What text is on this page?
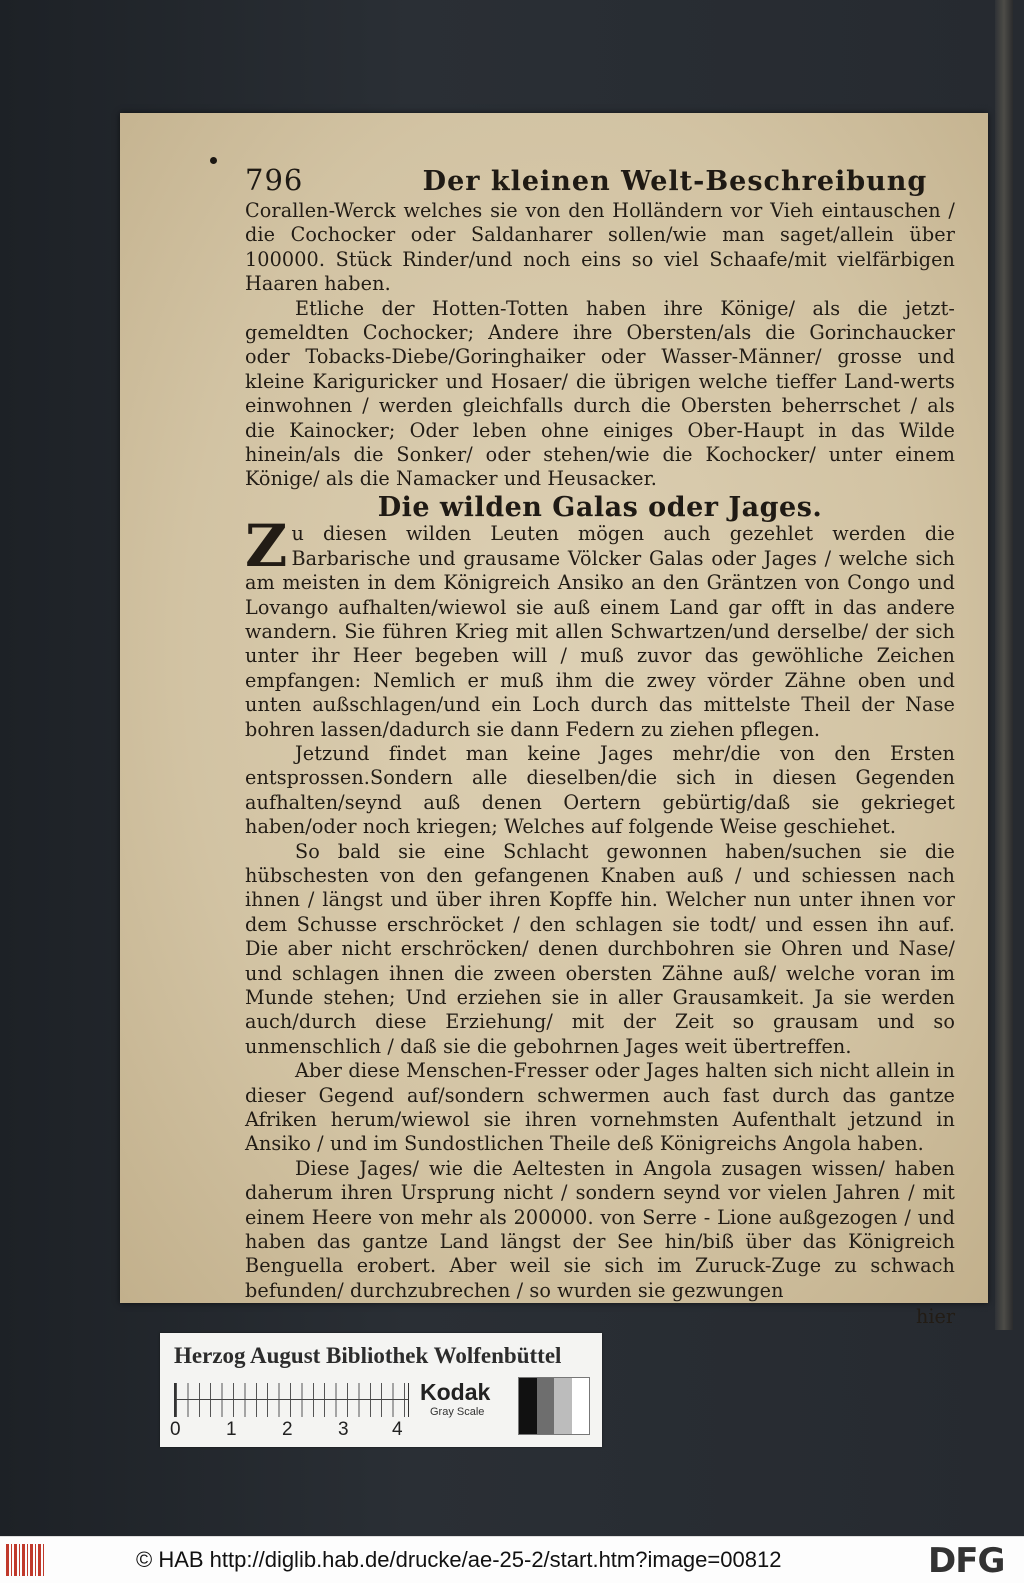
796	Der kleinen Welt-Beschreibung

Corallen-Werck welches sie von den Holländern vor Vieh eintauschen / die Cochocker oder Saldanharer sollen/wie man saget/allein über 100000. Stück Rinder/und noch eins so viel Schaafe/mit vielfärbigen Haaren haben.

Etliche der Hotten-Totten haben ihre Könige/ als die jetzt-gemeldten Cochocker; Andere ihre Obersten/als die Gorinchaucker oder Tobacks-Diebe/Goringhaiker oder Wasser-Männer/ grosse und kleine Kariguricker und Hosaer/ die übrigen welche tieffer Land-werts einwohnen / werden gleichfalls durch die Obersten beherrschet / als die Kainocker; Oder leben ohne einiges Ober-Haupt in das Wilde hinein/als die Sonker/ oder stehen/wie die Kochocker/ unter einem Könige/ als die Namacker und Heusacker.

Die wilden Galas oder Jages.

Zu diesen wilden Leuten mögen auch gezehlet werden die Barbarische und grausame Völcker Galas oder Jages / welche sich am meisten in dem Königreich Ansiko an den Gräntzen von Congo und Lovango aufhalten/wiewol sie auß einem Land gar offt in das andere wandern. Sie führen Krieg mit allen Schwartzen/und derselbe/ der sich unter ihr Heer begeben will / muß zuvor das gewöhliche Zeichen empfangen: Nemlich er muß ihm die zwey vörder Zähne oben und unten außschlagen/und ein Loch durch das mittelste Theil der Nase bohren lassen/dadurch sie dann Federn zu ziehen pflegen.

Jetzund findet man keine Jages mehr/die von den Ersten entsprossen.Sondern alle dieselben/die sich in diesen Gegenden aufhalten/seynd auß denen Oertern gebürtig/daß sie gekrieget haben/oder noch kriegen; Welches auf folgende Weise geschiehet.

So bald sie eine Schlacht gewonnen haben/suchen sie die hübschesten von den gefangenen Knaben auß / und schiessen nach ihnen / längst und über ihren Kopffe hin. Welcher nun unter ihnen vor dem Schusse erschröcket / den schlagen sie todt/ und essen ihn auf. Die aber nicht erschröcken/ denen durchbohren sie Ohren und Nase/ und schlagen ihnen die zween obersten Zähne auß/ welche voran im Munde stehen; Und erziehen sie in aller Grausamkeit. Ja sie werden auch/durch diese Erziehung/ mit der Zeit so grausam und so unmenschlich / daß sie die gebohrnen Jages weit übertreffen.

Aber diese Menschen-Fresser oder Jages halten sich nicht allein in dieser Gegend auf/sondern schwermen auch fast durch das gantze Afriken herum/wiewol sie ihren vornehmsten Aufenthalt jetzund in Ansiko / und im Sundostlichen Theile deß Königreichs Angola haben.

Diese Jages/ wie die Aeltesten in Angola zusagen wissen/ haben daherum ihren Ursprung nicht / sondern seynd vor vielen Jahren / mit einem Heere von mehr als 200000. von Serre - Lione außgezogen / und haben das gantze Land längst der See hin/biß über das Königreich Benguella erobert. Aber weil sie sich im Zuruck-Zuge zu schwach befunden/ durchzubrechen / so wurden sie gezwungen

hier
Herzog August Bibliothek Wolfenbüttel
0 1 2 3 4
Kodak
Gray Scale
© HAB http://diglib.hab.de/drucke/ae-25-2/start.htm?image=00812	DFG
